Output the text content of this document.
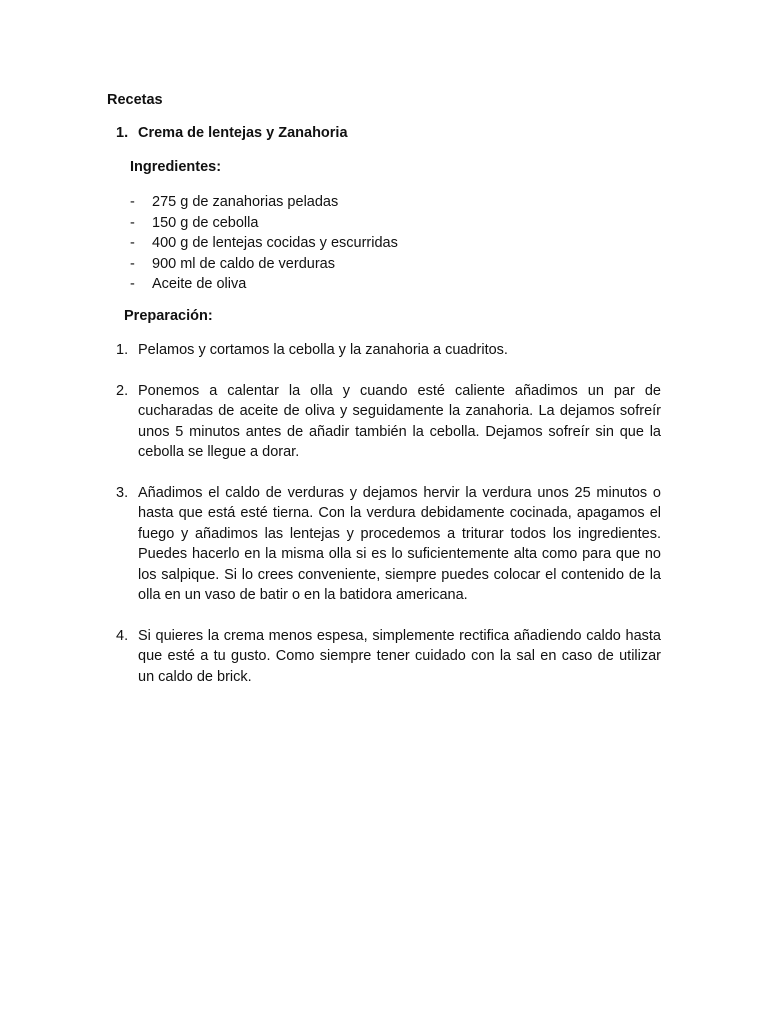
Recetas
1. Crema de lentejas y Zanahoria
Ingredientes:
-	275 g de zanahorias peladas
-	150 g de cebolla
-	400 g de lentejas cocidas y escurridas
-	900 ml de caldo de verduras
-	Aceite de oliva
Preparación:
1. Pelamos y cortamos la cebolla y la zanahoria a cuadritos.
2. Ponemos a calentar la olla y cuando esté caliente añadimos un par de cucharadas de aceite de oliva y seguidamente la zanahoria. La dejamos sofreír unos 5 minutos antes de añadir también la cebolla. Dejamos sofreír sin que la cebolla se llegue a dorar.
3. Añadimos el caldo de verduras y dejamos hervir la verdura unos 25 minutos o hasta que está esté tierna. Con la verdura debidamente cocinada, apagamos el fuego y añadimos las lentejas y procedemos a triturar todos los ingredientes. Puedes hacerlo en la misma olla si es lo suficientemente alta como para que no los salpique. Si lo crees conveniente, siempre puedes colocar el contenido de la olla en un vaso de batir o en la batidora americana.
4. Si quieres la crema menos espesa, simplemente rectifica añadiendo caldo hasta que esté a tu gusto. Como siempre tener cuidado con la sal en caso de utilizar un caldo de brick.
